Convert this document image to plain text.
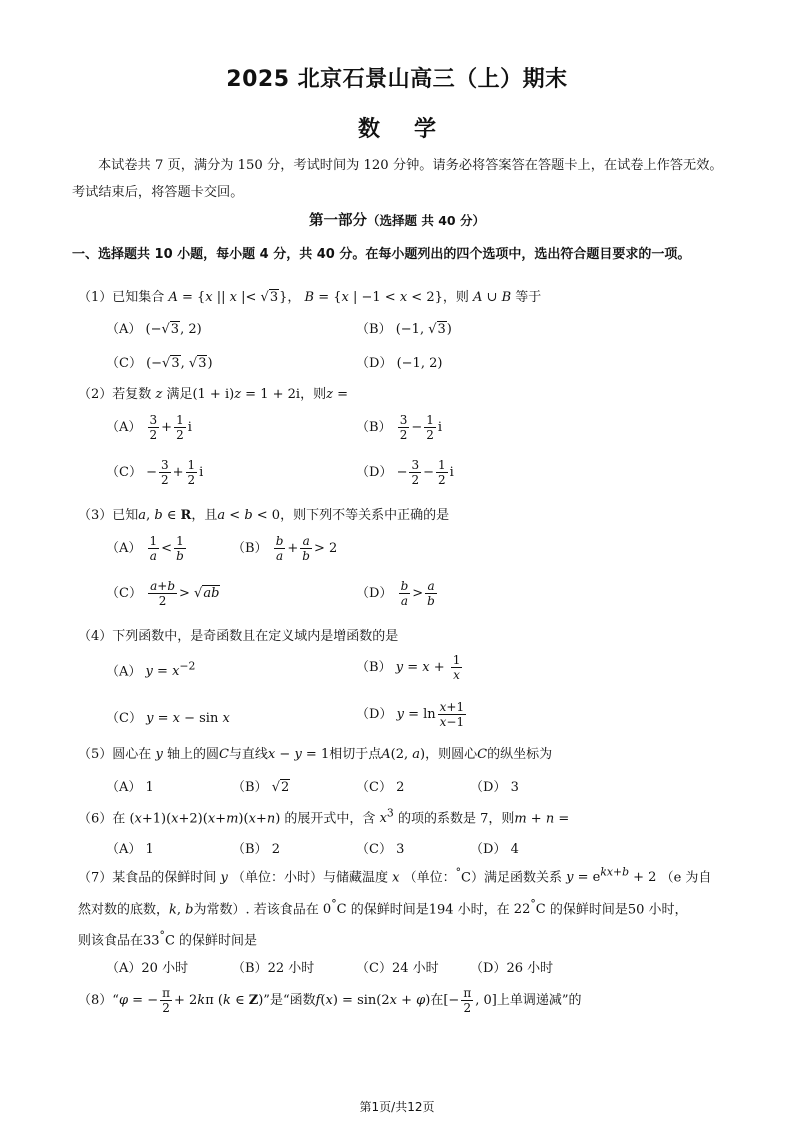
2025 北京石景山高三（上）期末
数学
本试卷共 7 页，满分为 150 分，考试时间为 120 分钟。请务必将答案答在答题卡上，在试卷上作答无效。考试结束后，将答题卡交回。
第一部分（选择题 共 40 分）
一、选择题共 10 小题，每小题 4 分，共 40 分。在每小题列出的四个选项中，选出符合题目要求的一项。
（1）已知集合 A = {x || x |< √3}， B = {x | −1 < x < 2}，则 A ∪ B 等于
（A） (−√3, 2)	（B） (−1, √3)
（C） (−√3, √3)	（D） (−1, 2)
（2）若复数 z 满足(1 + i)z = 1 + 2i，则z =
$(A) \frac{3}{2} + \frac{1}{2}$ i	$(B) \frac{3}{2} - \frac{1}{2}$ i
$(C) - \frac{3}{2} + \frac{1}{2}$ i	$(D) - \frac{3}{2} - \frac{1}{2}$ i
（3）已知a, b ∈ R，且a < b < 0，则下列不等关系中正确的是
$(A) \frac{1}{a} < \frac{1}{b}$	$(B) \frac{b}{a} + \frac{a}{b} > 2$
$(C) \frac{a+b}{2} > √ab$	$(D) \frac{b}{a} > \frac{a}{b}$
（4）下列函数中，是奇函数且在定义域内是增函数的是
（A） $y = x^{-2}$	（B） $y = x + \frac{1}{x}$
（C） y = x − sin x	（D） $y = \ln \frac{x+1}{x-1}$
（5）圆心在 y 轴上的圆C与直线x − y = 1相切于点A(2, a)，则圆心C的纵坐标为
（A） 1	（B） √2	（C） 2	（D） 3
（6）在 (x+1)(x+2)(x+m)(x+n) 的展开式中，含 $x^3$ 的项的系数是 7，则m + n =
（A） 1	（B） 2	（C） 3	（D） 4
（7）某食品的保鲜时间 y （单位：小时）与储藏温度 x （单位：°C）满足函数关系 $y = e^{kx+b} + 2$ （e 为自
然对数的底数，k, b为常数）. 若该食品在 0°C 的保鲜时间是194 小时，在 22°C 的保鲜时间是50 小时，
则该食品在33°C 的保鲜时间是
（A）20 小时	（B）22 小时	（C）24 小时 （D）26 小时
（8）“φ = − $\frac{\pi}{2} + 2k\pi$ (k ∈ Z)”是“函数f(x) = sin(2x + φ)在[− $\frac{\pi}{2}$ , 0]上单调递减”的
第1页/共12页
